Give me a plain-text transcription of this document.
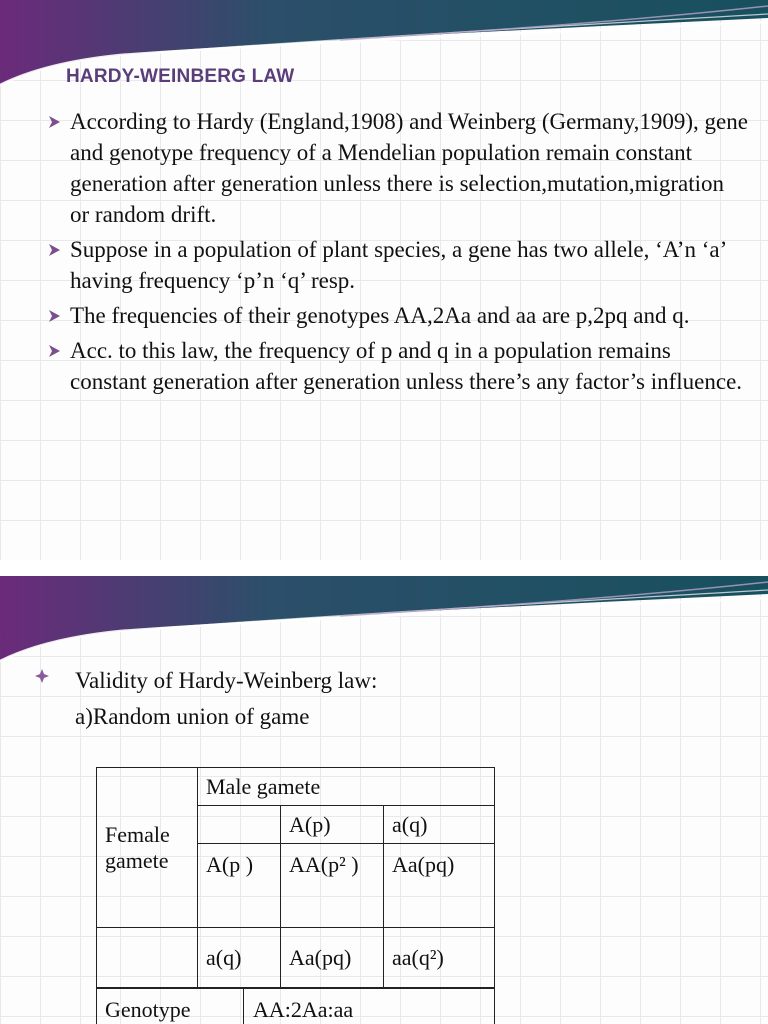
HARDY-WEINBERG LAW
According to Hardy (England,1908) and Weinberg (Germany,1909), gene and genotype frequency of a Mendelian population remain constant generation after generation unless there is selection,mutation,migration or random drift.
Suppose in a population of plant species, a gene has two allele, ‘A’n ‘a’ having frequency ‘p’n ‘q’ resp.
The frequencies of their genotypes AA,2Aa and aa are p,2pq and q.
Acc. to this law, the frequency of p and q in a population remains constant generation after generation unless there’s any factor’s influence.
Validity of Hardy-Weinberg law:
a)Random union of game
Female gamete	Male gamete		
		A(p)	a(q)
	A(p )	AA(p² )	Aa(pq)
	a(q)	Aa(pq)	aa(q²)
Genotype	AA:2Aa:aa
